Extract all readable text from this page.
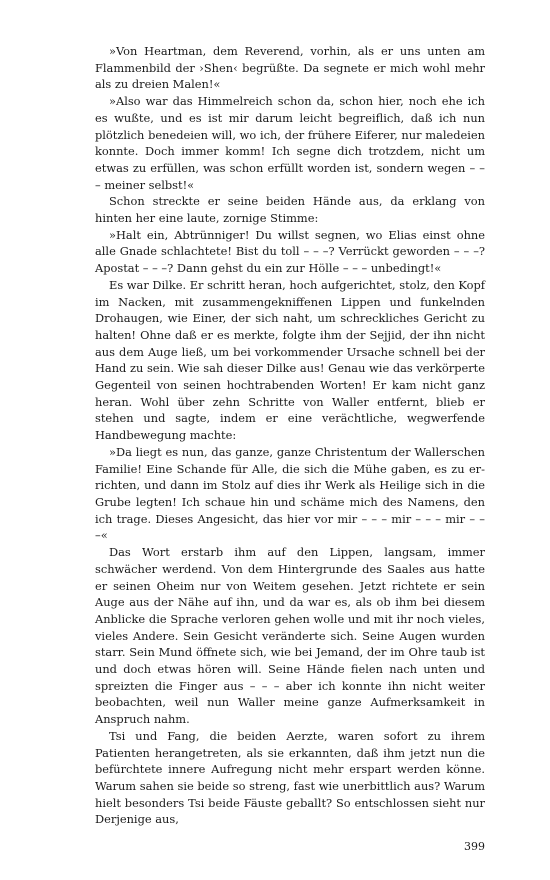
»Von Heartman, dem Reverend, vorhin, als er uns unten am Flammenbild der ›Shen‹ begrüßte. Da segnete er mich wohl mehr als zu dreien Malen!«

»Also war das Himmelreich schon da, schon hier, noch ehe ich es wußte, und es ist mir darum leicht begreiflich, daß ich nun plötzlich benedeien will, wo ich, der frühere Eiferer, nur maledeien konnte. Doch immer komm! Ich segne dich trotzdem, nicht um etwas zu erfüllen, was schon erfüllt worden ist, sondern wegen – – – meiner selbst!«

Schon streckte er seine beiden Hände aus, da erklang von hinten her eine laute, zornige Stimme:

»Halt ein, Abtrünniger! Du willst segnen, wo Elias einst ohne alle Gnade schlachtete! Bist du toll – – –? Verrückt geworden – – –? Apostat – – –? Dann gehst du ein zur Hölle – – – unbedingt!«

Es war Dilke. Er schritt heran, hoch aufgerichtet, stolz, den Kopf im Nacken, mit zusammengekniffenen Lippen und funkelnden Drohaugen, wie Einer, der sich naht, um schreckliches Gericht zu halten! Ohne daß er es merkte, folgte ihm der Sejjid, der ihn nicht aus dem Auge ließ, um bei vorkommender Ursache schnell bei der Hand zu sein. Wie sah dieser Dilke aus! Genau wie das verkörperte Gegenteil von seinen hochtrabenden Worten! Er kam nicht ganz heran. Wohl über zehn Schritte von Waller entfernt, blieb er stehen und sagte, indem er eine verächtliche, wegwerfende Handbewegung machte:

»Da liegt es nun, das ganze, ganze Christentum der Wallerschen Familie! Eine Schande für Alle, die sich die Mühe gaben, es zu errichten, und dann im Stolz auf dies ihr Werk als Heilige sich in die Grube legten! Ich schaue hin und schäme mich des Namens, den ich trage. Dieses Angesicht, das hier vor mir – – – mir – – – mir – – –«

Das Wort erstarb ihm auf den Lippen, langsam, immer schwächer werdend. Von dem Hintergrunde des Saales aus hatte er seinen Oheim nur von Weitem gesehen. Jetzt richtete er sein Auge aus der Nähe auf ihn, und da war es, als ob ihm bei diesem Anblicke die Sprache verloren gehen wolle und mit ihr noch vieles, vieles Andere. Sein Gesicht veränderte sich. Seine Augen wurden starr. Sein Mund öffnete sich, wie bei Jemand, der im Ohre taub ist und doch etwas hören will. Seine Hände fielen nach unten und spreizten die Finger aus – – – aber ich konnte ihn nicht weiter beobachten, weil nun Waller meine ganze Aufmerksamkeit in Anspruch nahm.

Tsi und Fang, die beiden Aerzte, waren sofort zu ihrem Patienten herangetreten, als sie erkannten, daß ihm jetzt nun die befürchtete innere Aufregung nicht mehr erspart werden könne. Warum sahen sie beide so streng, fast wie unerbittlich aus? Warum hielt besonders Tsi beide Fäuste geballt? So entschlossen sieht nur Derjenige aus,

399
